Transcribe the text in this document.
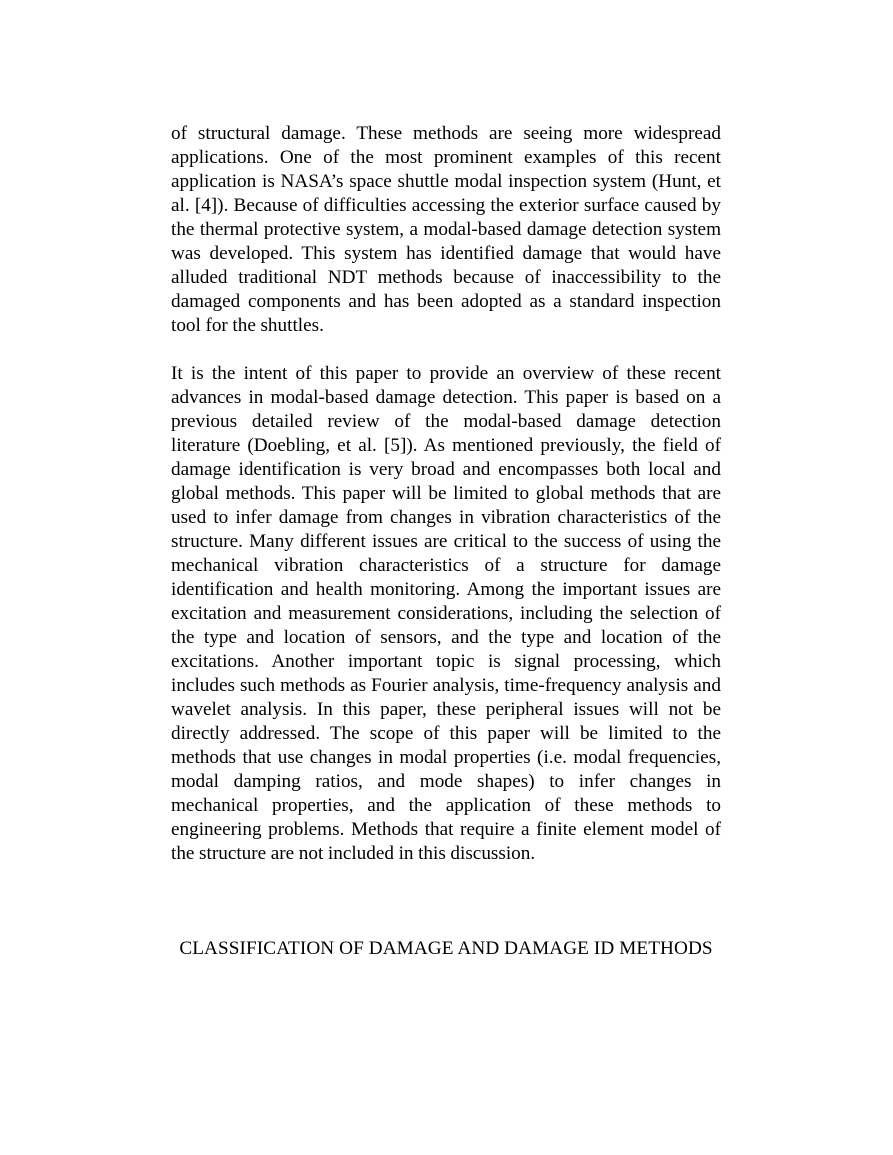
of structural damage. These methods are seeing more widespread applications. One of the most prominent examples of this recent application is NASA’s space shuttle modal inspection system (Hunt, et al. [4]). Because of difficulties accessing the exterior surface caused by the thermal protective system, a modal-based damage detection system was developed. This system has identified damage that would have alluded traditional NDT methods because of inaccessibility to the damaged components and has been adopted as a standard inspection tool for the shuttles.

It is the intent of this paper to provide an overview of these recent advances in modal-based damage detection. This paper is based on a previous detailed review of the modal-based damage detection literature (Doebling, et al. [5]). As mentioned previously, the field of damage identification is very broad and encompasses both local and global methods. This paper will be limited to global methods that are used to infer damage from changes in vibration characteristics of the structure. Many different issues are critical to the success of using the mechanical vibration characteristics of a structure for damage identification and health monitoring. Among the important issues are excitation and measurement considerations, including the selection of the type and location of sensors, and the type and location of the excitations. Another important topic is signal processing, which includes such methods as Fourier analysis, time-frequency analysis and wavelet analysis. In this paper, these peripheral issues will not be directly addressed. The scope of this paper will be limited to the methods that use changes in modal properties (i.e. modal frequencies, modal damping ratios, and mode shapes) to infer changes in mechanical properties, and the application of these methods to engineering problems. Methods that require a finite element model of the structure are not included in this discussion.

CLASSIFICATION OF DAMAGE AND DAMAGE ID METHODS
